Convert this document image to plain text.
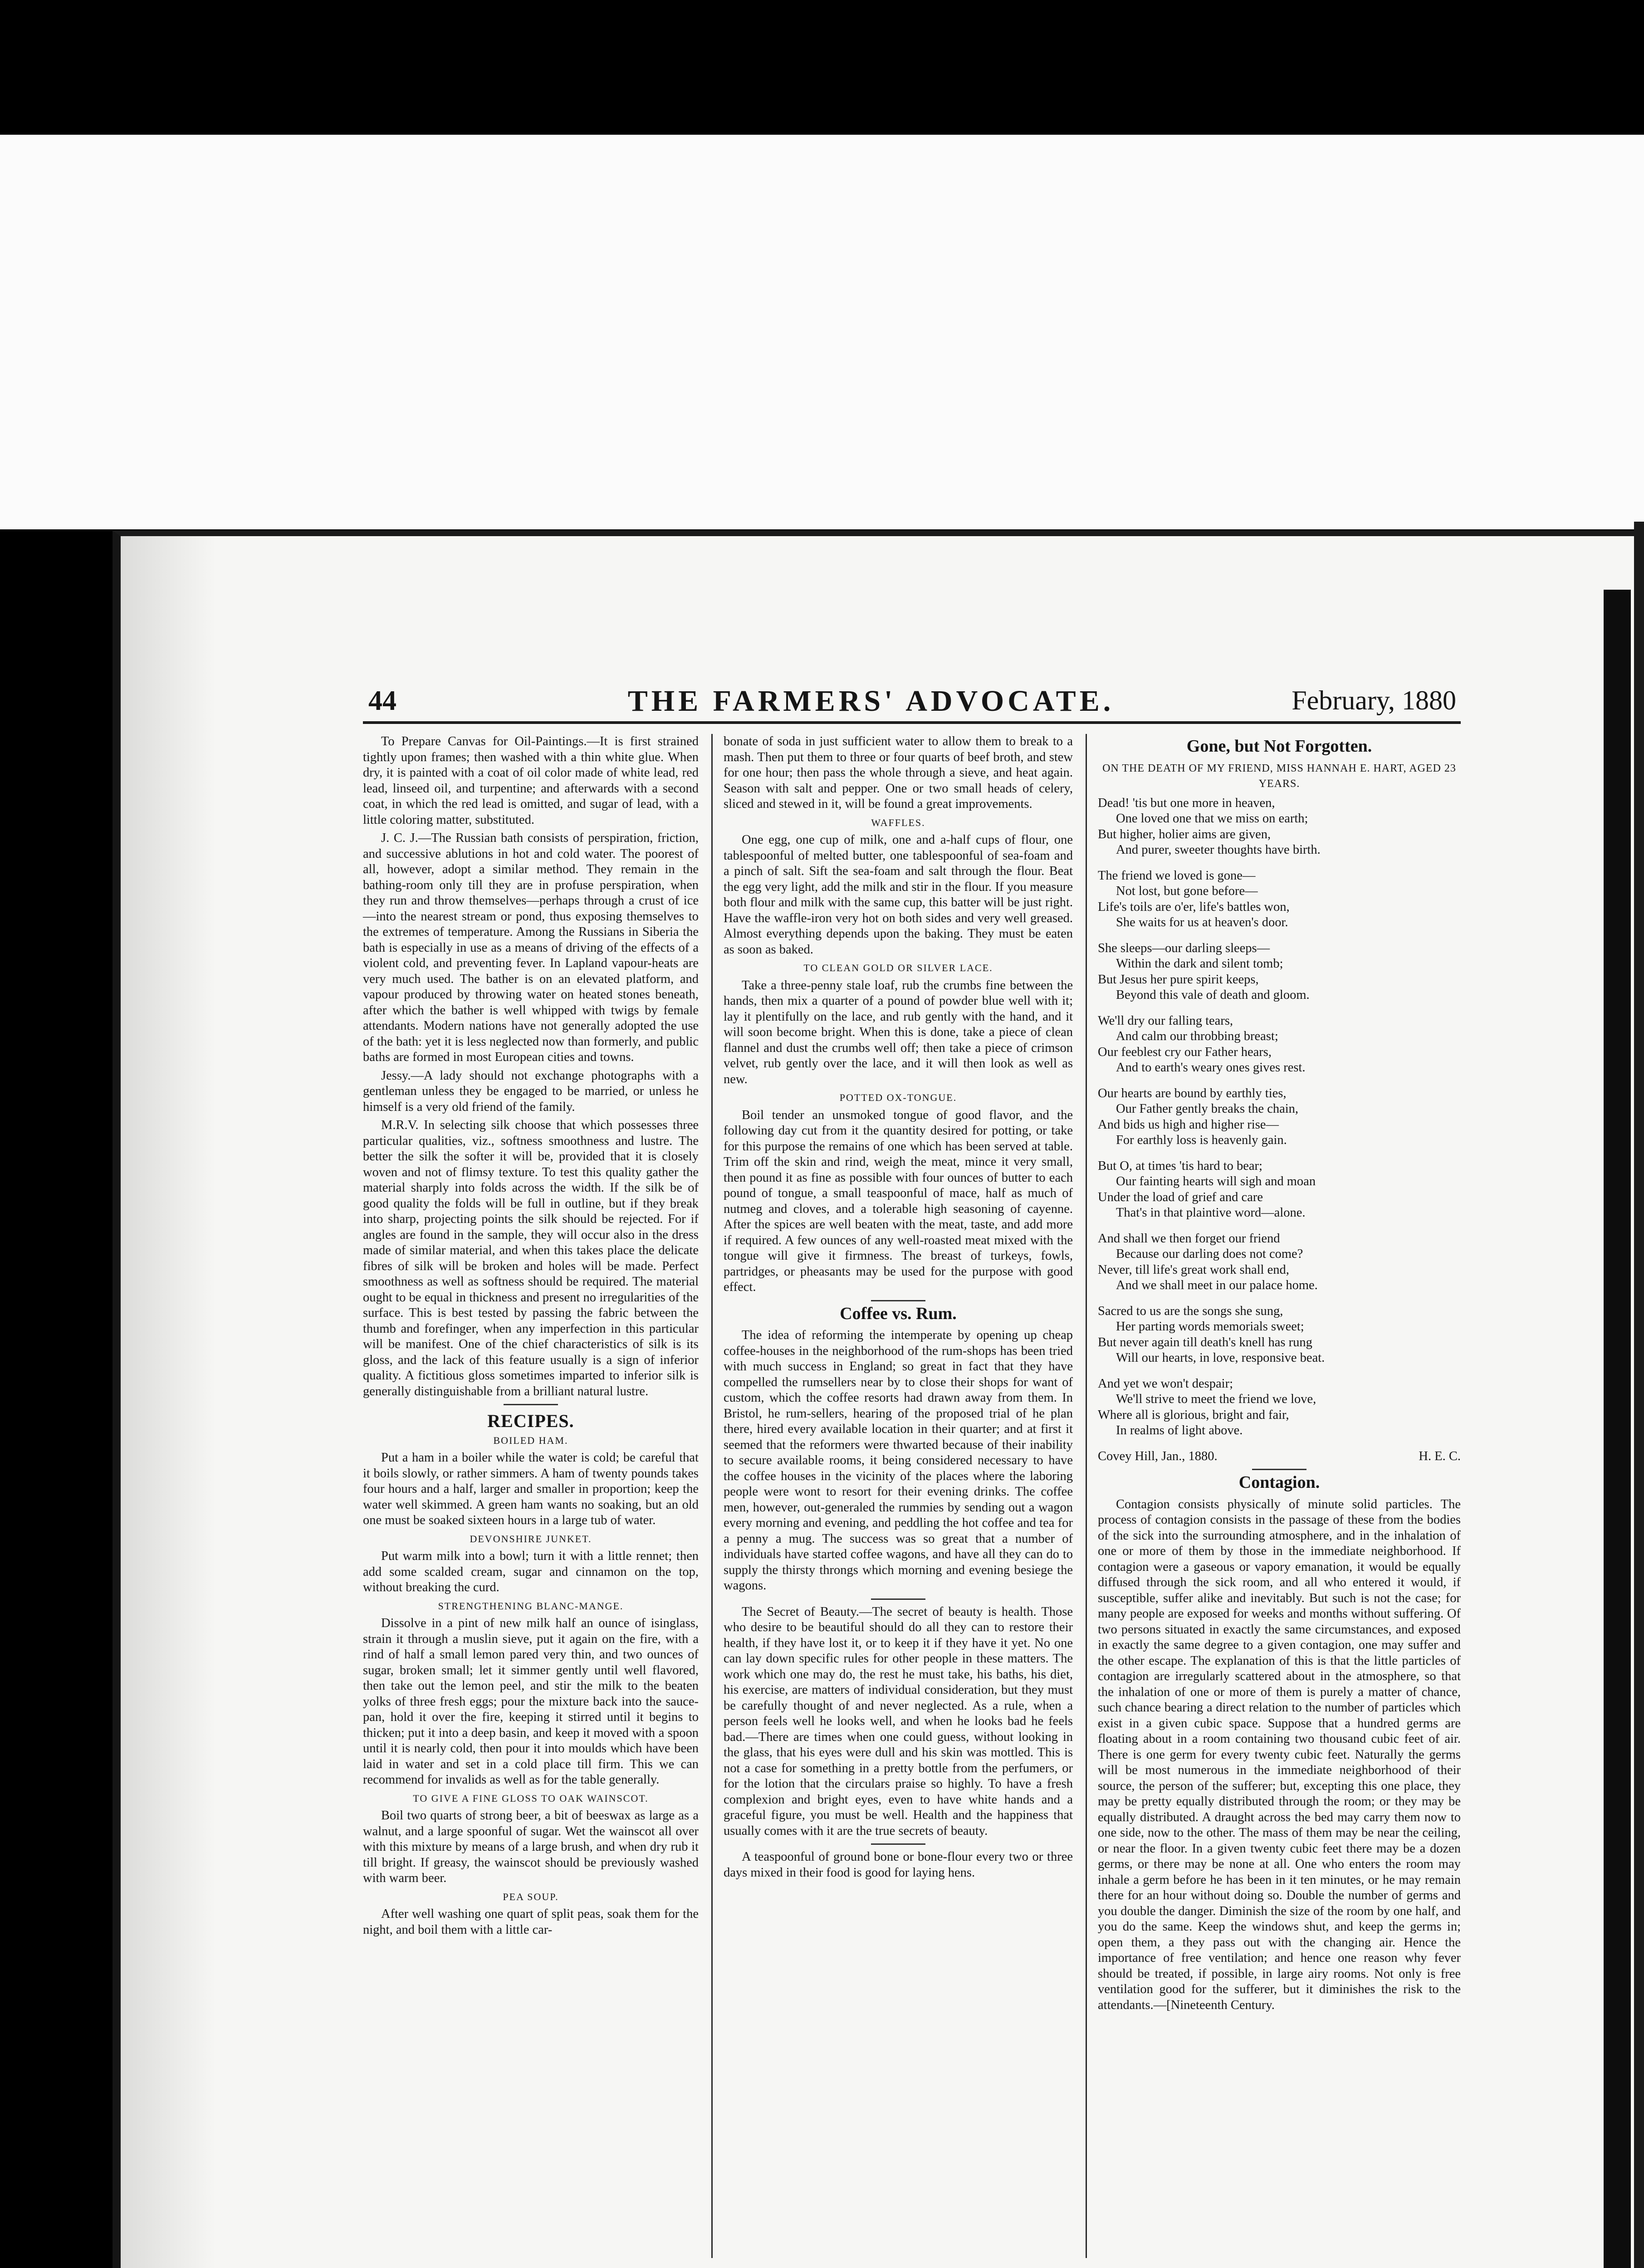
44	THE FARMERS' ADVOCATE.	February, 1880

To Prepare Canvas for Oil-Paintings.—It is first strained tightly upon frames; then washed with a thin white glue. When dry, it is painted with a coat of oil color made of white lead, red lead, linseed oil, and turpentine; and afterwards with a second coat, in which the red lead is omitted, and sugar of lead, with a little coloring matter, substituted.

J. C. J.—The Russian bath consists of perspiration, friction, and successive ablutions in hot and cold water. The poorest of all, however, adopt a similar method. They remain in the bathing-room only till they are in profuse perspiration, when they run and throw themselves—perhaps through a crust of ice—into the nearest stream or pond, thus exposing themselves to the extremes of temperature. Among the Russians in Siberia the bath is especially in use as a means of driving of the effects of a violent cold, and preventing fever. In Lapland vapour-heats are very much used. The bather is on an elevated platform, and vapour produced by throwing water on heated stones beneath, after which the bather is well whipped with twigs by female attendants. Modern nations have not generally adopted the use of the bath: yet it is less neglected now than formerly, and public baths are formed in most European cities and towns.

Jessy.—A lady should not exchange photographs with a gentleman unless they be engaged to be married, or unless he himself is a very old friend of the family.

M.R.V. In selecting silk choose that which possesses three particular qualities, viz., softness smoothness and lustre. The better the silk the softer it will be, provided that it is closely woven and not of flimsy texture. To test this quality gather the material sharply into folds across the width. If the silk be of good quality the folds will be full in outline, but if they break into sharp, projecting points the silk should be rejected. For if angles are found in the sample, they will occur also in the dress made of similar material, and when this takes place the delicate fibres of silk will be broken and holes will be made. Perfect smoothness as well as softness should be required. The material ought to be equal in thickness and present no irregularities of the surface. This is best tested by passing the fabric between the thumb and forefinger, when any imperfection in this particular will be manifest. One of the chief characteristics of silk is its gloss, and the lack of this feature usually is a sign of inferior quality. A fictitious gloss sometimes imparted to inferior silk is generally distinguishable from a brilliant natural lustre.

RECIPES.
BOILED HAM.

Put a ham in a boiler while the water is cold; be careful that it boils slowly, or rather simmers. A ham of twenty pounds takes four hours and a half, larger and smaller in proportion; keep the water well skimmed. A green ham wants no soaking, but an old one must be soaked sixteen hours in a large tub of water.

DEVONSHIRE JUNKET.

Put warm milk into a bowl; turn it with a little rennet; then add some scalded cream, sugar and cinnamon on the top, without breaking the curd.

STRENGTHENING BLANC-MANGE.

Dissolve in a pint of new milk half an ounce of isinglass, strain it through a muslin sieve, put it again on the fire, with a rind of half a small lemon pared very thin, and two ounces of sugar, broken small; let it simmer gently until well flavored, then take out the lemon peel, and stir the milk to the beaten yolks of three fresh eggs; pour the mixture back into the sauce-pan, hold it over the fire, keeping it stirred until it begins to thicken; put it into a deep basin, and keep it moved with a spoon until it is nearly cold, then pour it into moulds which have been laid in water and set in a cold place till firm. This we can recommend for invalids as well as for the table generally.

TO GIVE A FINE GLOSS TO OAK WAINSCOT.

Boil two quarts of strong beer, a bit of beeswax as large as a walnut, and a large spoonful of sugar. Wet the wainscot all over with this mixture by means of a large brush, and when dry rub it till bright. If greasy, the wainscot should be previously washed with warm beer.

PEA SOUP.

After well washing one quart of split peas, soak them for the night, and boil them with a little car-

bonate of soda in just sufficient water to allow them to break to a mash. Then put them to three or four quarts of beef broth, and stew for one hour; then pass the whole through a sieve, and heat again. Season with salt and pepper. One or two small heads of celery, sliced and stewed in it, will be found a great improvements.

WAFFLES.

One egg, one cup of milk, one and a-half cups of flour, one tablespoonful of melted butter, one tablespoonful of sea-foam and a pinch of salt. Sift the sea-foam and salt through the flour. Beat the egg very light, add the milk and stir in the flour. If you measure both flour and milk with the same cup, this batter will be just right. Have the waffle-iron very hot on both sides and very well greased. Almost everything depends upon the baking. They must be eaten as soon as baked.

TO CLEAN GOLD OR SILVER LACE.

Take a three-penny stale loaf, rub the crumbs fine between the hands, then mix a quarter of a pound of powder blue well with it; lay it plentifully on the lace, and rub gently with the hand, and it will soon become bright. When this is done, take a piece of clean flannel and dust the crumbs well off; then take a piece of crimson velvet, rub gently over the lace, and it will then look as well as new.

POTTED OX-TONGUE.

Boil tender an unsmoked tongue of good flavor, and the following day cut from it the quantity desired for potting, or take for this purpose the remains of one which has been served at table. Trim off the skin and rind, weigh the meat, mince it very small, then pound it as fine as possible with four ounces of butter to each pound of tongue, a small teaspoonful of mace, half as much of nutmeg and cloves, and a tolerable high seasoning of cayenne. After the spices are well beaten with the meat, taste, and add more if required. A few ounces of any well-roasted meat mixed with the tongue will give it firmness. The breast of turkeys, fowls, partridges, or pheasants may be used for the purpose with good effect.

Coffee vs. Rum.

The idea of reforming the intemperate by opening up cheap coffee-houses in the neighborhood of the rum-shops has been tried with much success in England; so great in fact that they have compelled the rumsellers near by to close their shops for want of custom, which the coffee resorts had drawn away from them. In Bristol, he rum-sellers, hearing of the proposed trial of he plan there, hired every available location in their quarter; and at first it seemed that the reformers were thwarted because of their inability to secure available rooms, it being considered necessary to have the coffee houses in the vicinity of the places where the laboring people were wont to resort for their evening drinks. The coffee men, however, out-generaled the rummies by sending out a wagon every morning and evening, and peddling the hot coffee and tea for a penny a mug. The success was so great that a number of individuals have started coffee wagons, and have all they can do to supply the thirsty throngs which morning and evening besiege the wagons.

The Secret of Beauty.—The secret of beauty is health. Those who desire to be beautiful should do all they can to restore their health, if they have lost it, or to keep it if they have it yet. No one can lay down specific rules for other people in these matters. The work which one may do, the rest he must take, his baths, his diet, his exercise, are matters of individual consideration, but they must be carefully thought of and never neglected. As a rule, when a person feels well he looks well, and when he looks bad he feels bad.—There are times when one could guess, without looking in the glass, that his eyes were dull and his skin was mottled. This is not a case for something in a pretty bottle from the perfumers, or for the lotion that the circulars praise so highly. To have a fresh complexion and bright eyes, even to have white hands and a graceful figure, you must be well. Health and the happiness that usually comes with it are the true secrets of beauty.

A teaspoonful of ground bone or bone-flour every two or three days mixed in their food is good for laying hens.

Gone, but Not Forgotten.
ON THE DEATH OF MY FRIEND, MISS HANNAH E. HART, AGED 23 YEARS.
Dead! 'tis but one more in heaven,
One loved one that we miss on earth;
But higher, holier aims are given,
And purer, sweeter thoughts have birth.
The friend we loved is gone—
Not lost, but gone before—
Life's toils are o'er, life's battles won,
She waits for us at heaven's door.
She sleeps—our darling sleeps—
Within the dark and silent tomb;
But Jesus her pure spirit keeps,
Beyond this vale of death and gloom.
We'll dry our falling tears,
And calm our throbbing breast;
Our feeblest cry our Father hears,
And to earth's weary ones gives rest.
Our hearts are bound by earthly ties,
Our Father gently breaks the chain,
And bids us high and higher rise—
For earthly loss is heavenly gain.
But O, at times 'tis hard to bear;
Our fainting hearts will sigh and moan
Under the load of grief and care
That's in that plaintive word—alone.
And shall we then forget our friend
Because our darling does not come?
Never, till life's great work shall end,
And we shall meet in our palace home.
Sacred to us are the songs she sung,
Her parting words memorials sweet;
But never again till death's knell has rung
Will our hearts, in love, responsive beat.
And yet we won't despair;
We'll strive to meet the friend we love,
Where all is glorious, bright and fair,
In realms of light above.
Covey Hill, Jan., 1880.	H. E. C.
Contagion.

Contagion consists physically of minute solid particles. The process of contagion consists in the passage of these from the bodies of the sick into the surrounding atmosphere, and in the inhalation of one or more of them by those in the immediate neighborhood. If contagion were a gaseous or vapory emanation, it would be equally diffused through the sick room, and all who entered it would, if susceptible, suffer alike and inevitably. But such is not the case; for many people are exposed for weeks and months without suffering. Of two persons situated in exactly the same circumstances, and exposed in exactly the same degree to a given contagion, one may suffer and the other escape. The explanation of this is that the little particles of contagion are irregularly scattered about in the atmosphere, so that the inhalation of one or more of them is purely a matter of chance, such chance bearing a direct relation to the number of particles which exist in a given cubic space. Suppose that a hundred germs are floating about in a room containing two thousand cubic feet of air. There is one germ for every twenty cubic feet. Naturally the germs will be most numerous in the immediate neighborhood of their source, the person of the sufferer; but, excepting this one place, they may be pretty equally distributed through the room; or they may be equally distributed. A draught across the bed may carry them now to one side, now to the other. The mass of them may be near the ceiling, or near the floor. In a given twenty cubic feet there may be a dozen germs, or there may be none at all. One who enters the room may inhale a germ before he has been in it ten minutes, or he may remain there for an hour without doing so. Double the number of germs and you double the danger. Diminish the size of the room by one half, and you do the same. Keep the windows shut, and keep the germs in; open them, a they pass out with the changing air. Hence the importance of free ventilation; and hence one reason why fever should be treated, if possible, in large airy rooms. Not only is free ventilation good for the sufferer, but it diminishes the risk to the attendants.—[Nineteenth Century.
